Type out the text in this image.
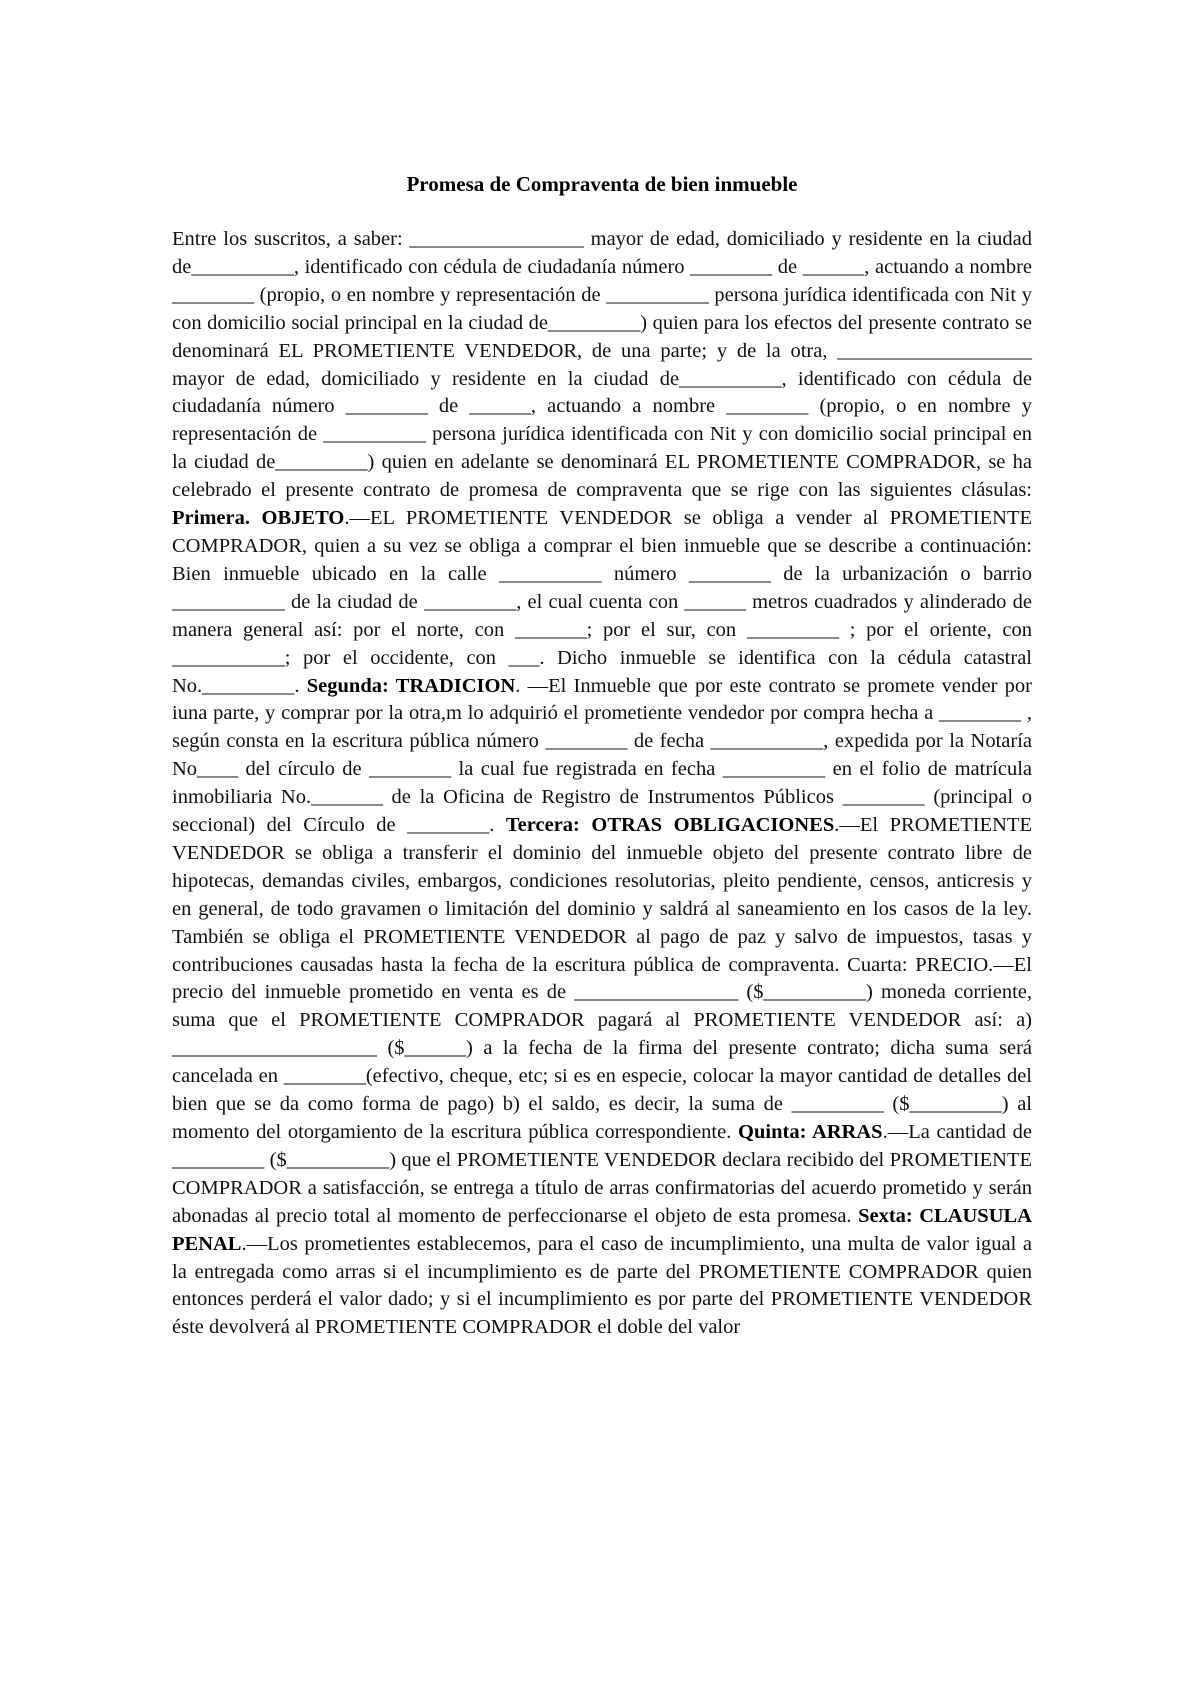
Promesa de Compraventa de bien inmueble

Entre los suscritos, a saber: _________________ mayor de edad, domiciliado y residente en la ciudad de__________, identificado con cédula de ciudadanía número ________ de ______, actuando a nombre ________ (propio, o en nombre y representación de __________ persona jurídica identificada con Nit y con domicilio social principal en la ciudad de_________) quien para los efectos del presente contrato se denominará EL PROMETIENTE VENDEDOR, de una parte; y de la otra, ___________________ mayor de edad, domiciliado y residente en la ciudad de__________, identificado con cédula de ciudadanía número ________ de ______, actuando a nombre ________ (propio, o en nombre y representación de __________ persona jurídica identificada con Nit y con domicilio social principal en la ciudad de_________) quien en adelante se denominará EL PROMETIENTE COMPRADOR, se ha celebrado el presente contrato de promesa de compraventa que se rige con las siguientes clásulas: Primera. OBJETO.—EL PROMETIENTE VENDEDOR se obliga a vender al PROMETIENTE COMPRADOR, quien a su vez se obliga a comprar el bien inmueble que se describe a continuación: Bien inmueble ubicado en la calle __________ número ________ de la urbanización o barrio ___________ de la ciudad de _________, el cual cuenta con ______ metros cuadrados y alinderado de manera general así: por el norte, con _______; por el sur, con _________ ; por el oriente, con ___________; por el occidente, con ___. Dicho inmueble se identifica con la cédula catastral No._________. Segunda: TRADICION. —El Inmueble que por este contrato se promete vender por iuna parte, y comprar por la otra,m lo adquirió el prometiente vendedor por compra hecha a ________ , según consta en la escritura pública número ________ de fecha ___________, expedida por la Notaría No____ del círculo de ________ la cual fue registrada en fecha __________ en el folio de matrícula inmobiliaria No._______ de la Oficina de Registro de Instrumentos Públicos ________ (principal o seccional) del Círculo de ________. Tercera: OTRAS OBLIGACIONES.—El PROMETIENTE VENDEDOR se obliga a transferir el dominio del inmueble objeto del presente contrato libre de hipotecas, demandas civiles, embargos, condiciones resolutorias, pleito pendiente, censos, anticresis y en general, de todo gravamen o limitación del dominio y saldrá al saneamiento en los casos de la ley. También se obliga el PROMETIENTE VENDEDOR al pago de paz y salvo de impuestos, tasas y contribuciones causadas hasta la fecha de la escritura pública de compraventa. Cuarta: PRECIO.—El precio del inmueble prometido en venta es de ________________ ($__________) moneda corriente, suma que el PROMETIENTE COMPRADOR pagará al PROMETIENTE VENDEDOR así: a) ____________________ ($______) a la fecha de la firma del presente contrato; dicha suma será cancelada en ________(efectivo, cheque, etc; si es en especie, colocar la mayor cantidad de detalles del bien que se da como forma de pago) b) el saldo, es decir, la suma de _________ ($_________) al momento del otorgamiento de la escritura pública correspondiente. Quinta: ARRAS.—La cantidad de _________ ($__________) que el PROMETIENTE VENDEDOR declara recibido del PROMETIENTE COMPRADOR a satisfacción, se entrega a título de arras confirmatorias del acuerdo prometido y serán abonadas al precio total al momento de perfeccionarse el objeto de esta promesa. Sexta: CLAUSULA PENAL.—Los prometientes establecemos, para el caso de incumplimiento, una multa de valor igual a la entregada como arras si el incumplimiento es de parte del PROMETIENTE COMPRADOR quien entonces perderá el valor dado; y si el incumplimiento es por parte del PROMETIENTE VENDEDOR éste devolverá al PROMETIENTE COMPRADOR el doble del valor
